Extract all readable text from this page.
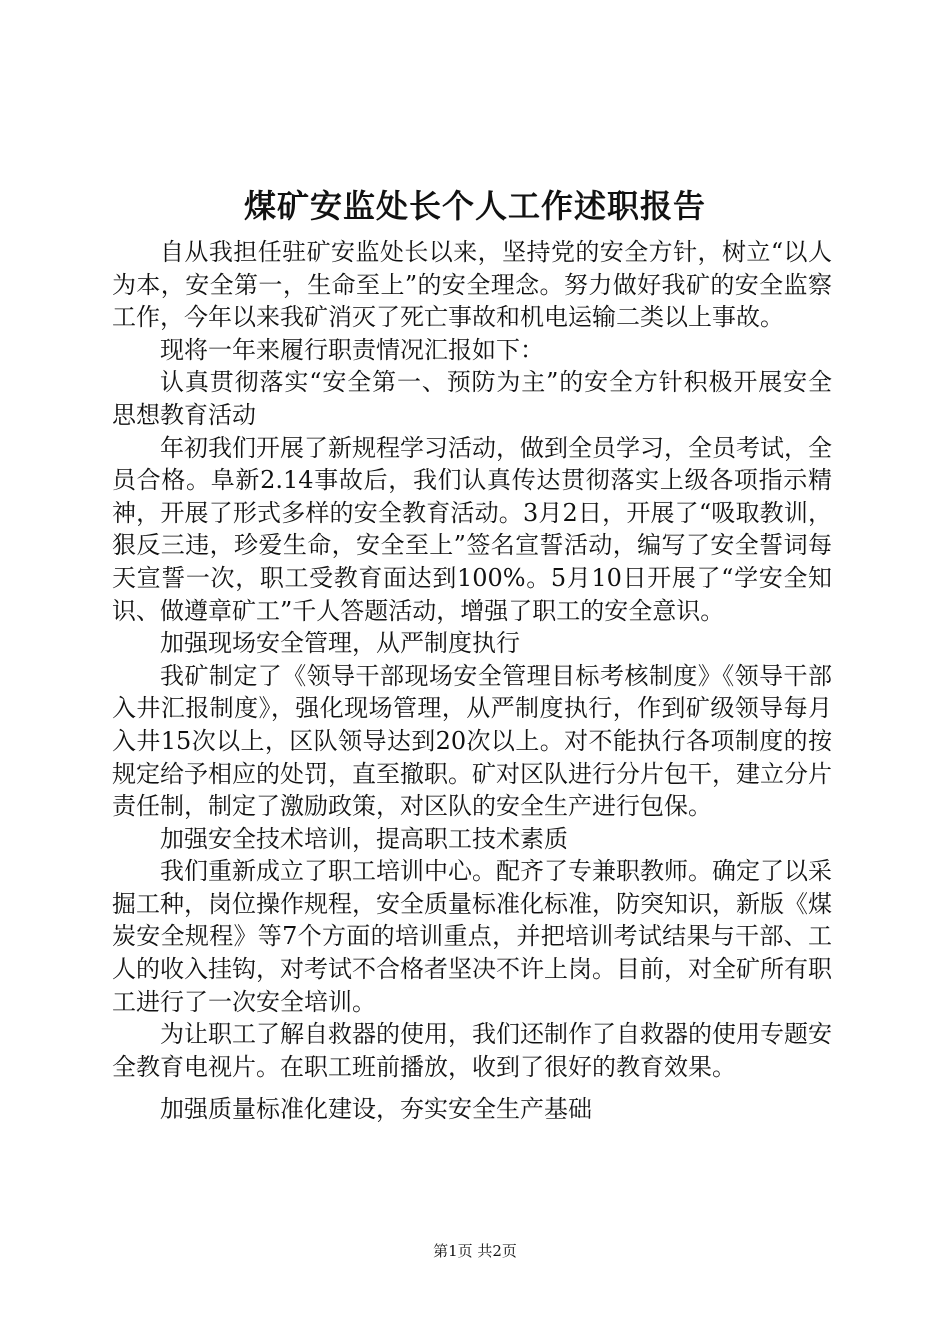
煤矿安监处长个人工作述职报告

自从我担任驻矿安监处长以来，坚持党的安全方针，树立“以人为本，安全第一，生命至上”的安全理念。努力做好我矿的安全监察工作，今年以来我矿消灭了死亡事故和机电运输二类以上事故。

现将一年来履行职责情况汇报如下：

认真贯彻落实“安全第一、预防为主”的安全方针积极开展安全思想教育活动

年初我们开展了新规程学习活动，做到全员学习，全员考试，全员合格。阜新2.14事故后，我们认真传达贯彻落实上级各项指示精神，开展了形式多样的安全教育活动。3月2日，开展了“吸取教训，狠反三违，珍爱生命，安全至上”签名宣誓活动，编写了安全誓词每天宣誓一次，职工受教育面达到100%。5月10日开展了“学安全知识、做遵章矿工”千人答题活动，增强了职工的安全意识。

加强现场安全管理，从严制度执行

我矿制定了《领导干部现场安全管理目标考核制度》《领导干部入井汇报制度》，强化现场管理，从严制度执行，作到矿级领导每月入井15次以上，区队领导达到20次以上。对不能执行各项制度的按规定给予相应的处罚，直至撤职。矿对区队进行分片包干，建立分片责任制，制定了激励政策，对区队的安全生产进行包保。

加强安全技术培训，提高职工技术素质

我们重新成立了职工培训中心。配齐了专兼职教师。确定了以采掘工种，岗位操作规程，安全质量标准化标准，防突知识，新版《煤炭安全规程》等7个方面的培训重点，并把培训考试结果与干部、工人的收入挂钩，对考试不合格者坚决不许上岗。目前，对全矿所有职工进行了一次安全培训。

为让职工了解自救器的使用，我们还制作了自救器的使用专题安全教育电视片。在职工班前播放，收到了很好的教育效果。

加强质量标准化建设，夯实安全生产基础

第1页 共2页
